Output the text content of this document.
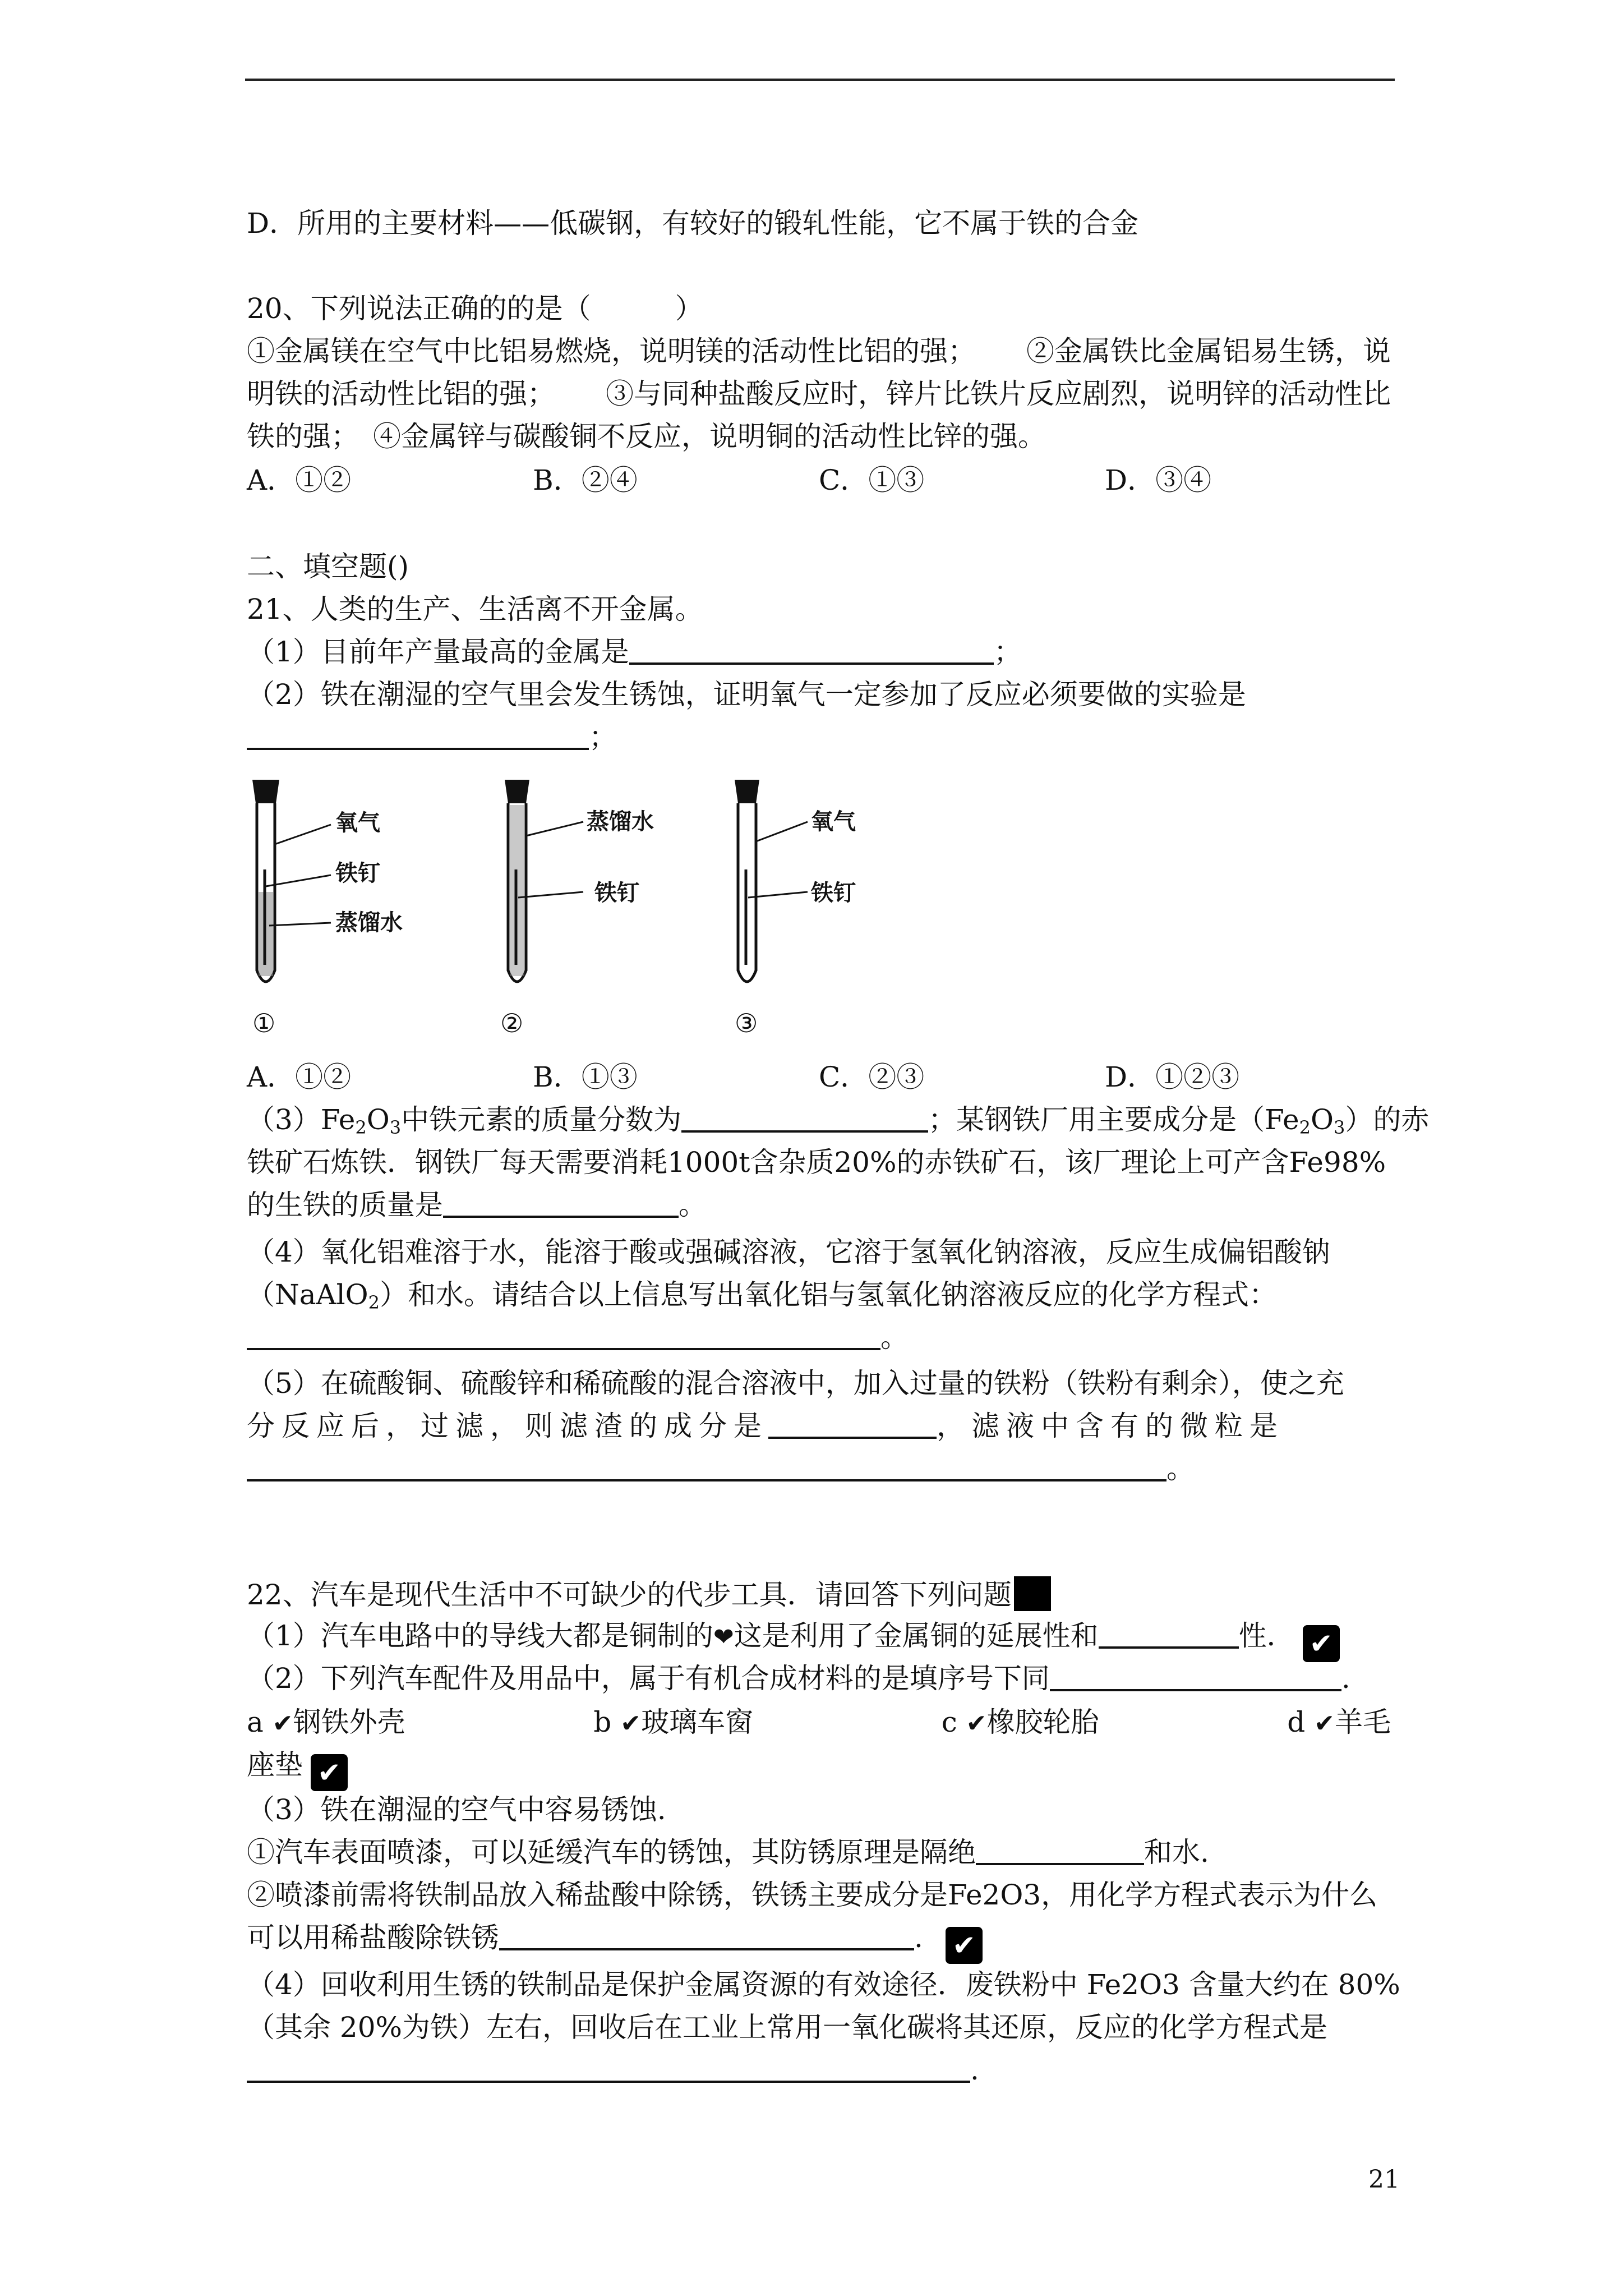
D．所用的主要材料——低碳钢，有较好的锻轧性能，它不属于铁的合金
20、下列说法正确的的是（　　　）
①金属镁在空气中比铝易燃烧，说明镁的活动性比铝的强； ②金属铁比金属铝易生锈，说
明铁的活动性比铝的强； ③与同种盐酸反应时，锌片比铁片反应剧烈，说明锌的活动性比
铁的强；　④金属锌与碳酸铜不反应，说明铜的活动性比锌的强。
A．①②	B．②④	C．①③	D．③④
二、填空题()
21、人类的生产、生活离不开金属。
（1）目前年产量最高的金属是	；
（2）铁在潮湿的空气里会发生锈蚀，证明氧气一定参加了反应必须要做的实验是
；
氧气
铁钉
蒸馏水
①
蒸馏水
铁钉
②
氧气
铁钉
③
A．①②	B．①③	C．②③	D．①②③
$(3)Fe_2O_3$中铁元素的质量分数为	；某钢铁厂用主要成分是$(Fe_2O_3)$的赤
铁矿石炼铁．钢铁厂每天需要消耗1000t含杂质20%的赤铁矿石，该厂理论上可产含Fe98%
的生铁的质量是	。
（4）氧化铝难溶于水，能溶于酸或强碱溶液，它溶于氢氧化钠溶液，反应生成偏铝酸钠
（NaAlO$_2$）和水。请结合以上信息写出氧化铝与氢氧化钠溶液反应的化学方程式：
。
（5）在硫酸铜、硫酸锌和稀硫酸的混合溶液中，加入过量的铁粉（铁粉有剩余），使之充
分反应后，过滤，则滤渣的成分是	，滤液中含有的微粒是
。
22、汽车是现代生活中不可缺少的代步工具．请回答下列问题
（1）汽车电路中的导线大都是铜制的❤这是利用了金属铜的延展性和	性． ✔
（2）下列汽车配件及用品中，属于有机合成材料的是填序号下同	.
a ✔钢铁外壳	b ✔玻璃车窗	c ✔橡胶轮胎	d ✔羊毛
座垫 ✔
（3）铁在潮湿的空气中容易锈蚀.
①汽车表面喷漆，可以延缓汽车的锈蚀，其防锈原理是隔绝	和水.
②喷漆前需将铁制品放入稀盐酸中除锈，铁锈主要成分是Fe2O3，用化学方程式表示为什么
可以用稀盐酸除铁锈	. ✔
（4）回收利用生锈的铁制品是保护金属资源的有效途径．废铁粉中 Fe2O3 含量大约在 80%
（其余 20%为铁）左右，回收后在工业上常用一氧化碳将其还原，反应的化学方程式是
.
21
